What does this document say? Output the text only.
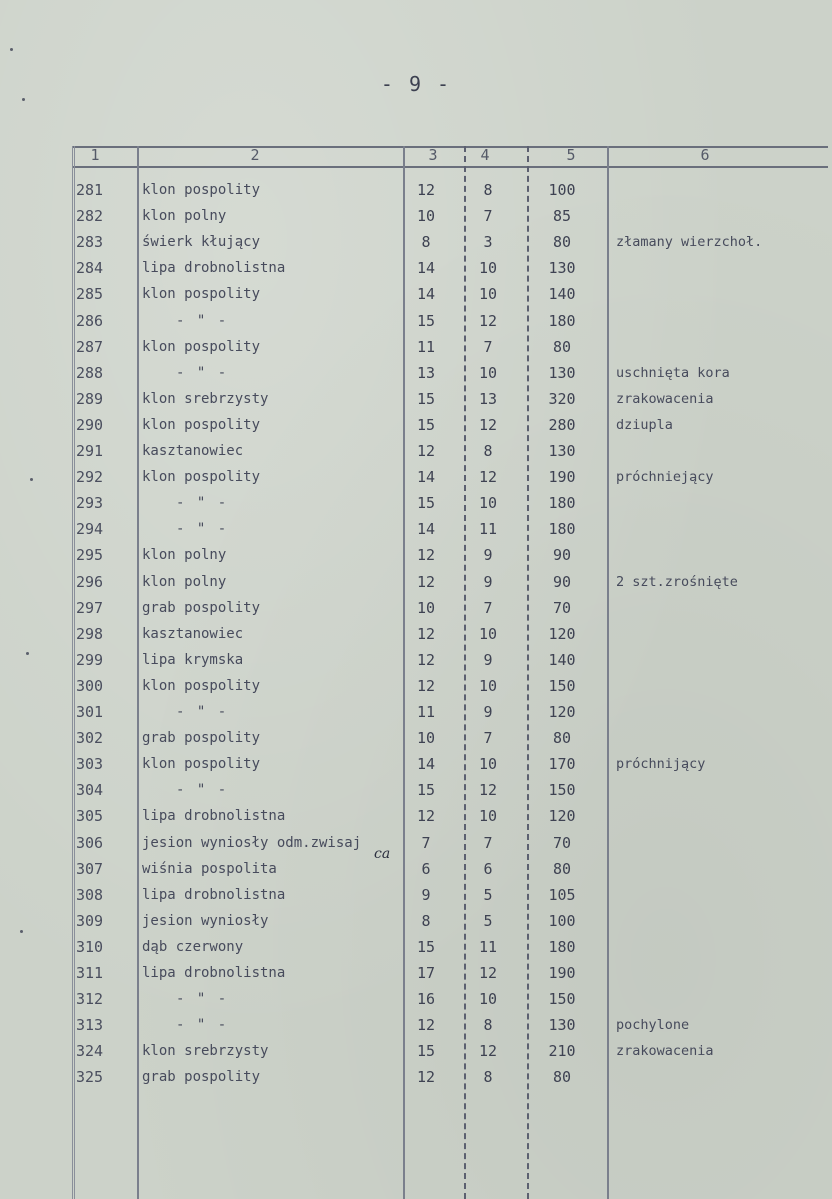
- 9 -
1	2	3	4	5	6
281	klon pospolity	12	8	100
282	klon polny	10	7	85
283	świerk kłujący	8	3	80	złamany wierzchoł.
284	lipa drobnolistna	14	10	130
285	klon pospolity	14	10	140
286	- " -	15	12	180
287	klon pospolity	11	7	80
288	- " -	13	10	130	uschnięta kora
289	klon srebrzysty	15	13	320	zrakowacenia
290	klon pospolity	15	12	280	dziupla
291	kasztanowiec	12	8	130
292	klon pospolity	14	12	190	próchniejący
293	- " -	15	10	180
294	- " -	14	11	180
295	klon polny	12	9	90
296	klon polny	12	9	90	2 szt.zrośnięte
297	grab pospolity	10	7	70
298	kasztanowiec	12	10	120
299	lipa krymska	12	9	140
300	klon pospolity	12	10	150
301	- " -	11	9	120
302	grab pospolity	10	7	80
303	klon pospolity	14	10	170	próchnijący
304	- " -	15	12	150
305	lipa drobnolistna	12	10	120
306	jesion wyniosły odm.zwisaj	7	7	70
307	wiśnia pospolita	6	6	80
308	lipa drobnolistna	9	5	105
309	jesion wyniosły	8	5	100
310	dąb czerwony	15	11	180
311	lipa drobnolistna	17	12	190
312	- " -	16	10	150
313	- " -	12	8	130	pochylone
324	klon srebrzysty	15	12	210	zrakowacenia
325	grab pospolity	12	8	80
ca
